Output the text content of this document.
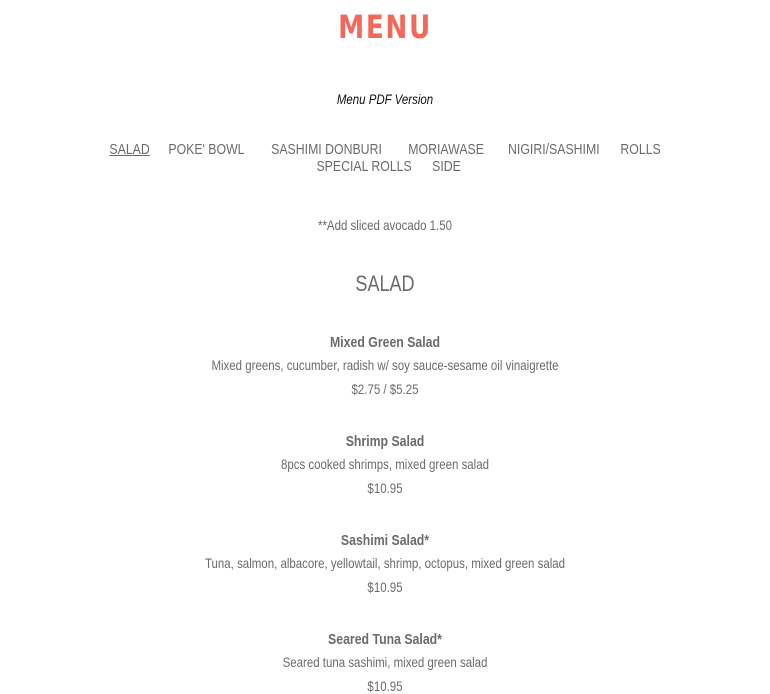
MENU
Menu PDF Version
SALAD POKE' BOWL SASHIMI DONBURI MORIAWASE NIGIRI/SASHIMI ROLLS
SPECIAL ROLLS SIDE
**Add sliced avocado 1.50
SALAD
Mixed Green Salad
Mixed greens, cucumber, radish w/ soy sauce-sesame oil vinaigrette
$2.75 / $5.25
Shrimp Salad
8pcs cooked shrimps, mixed green salad
$10.95
Sashimi Salad*
Tuna, salmon, albacore, yellowtail, shrimp, octopus, mixed green salad
$10.95
Seared Tuna Salad*
Seared tuna sashimi, mixed green salad
$10.95
